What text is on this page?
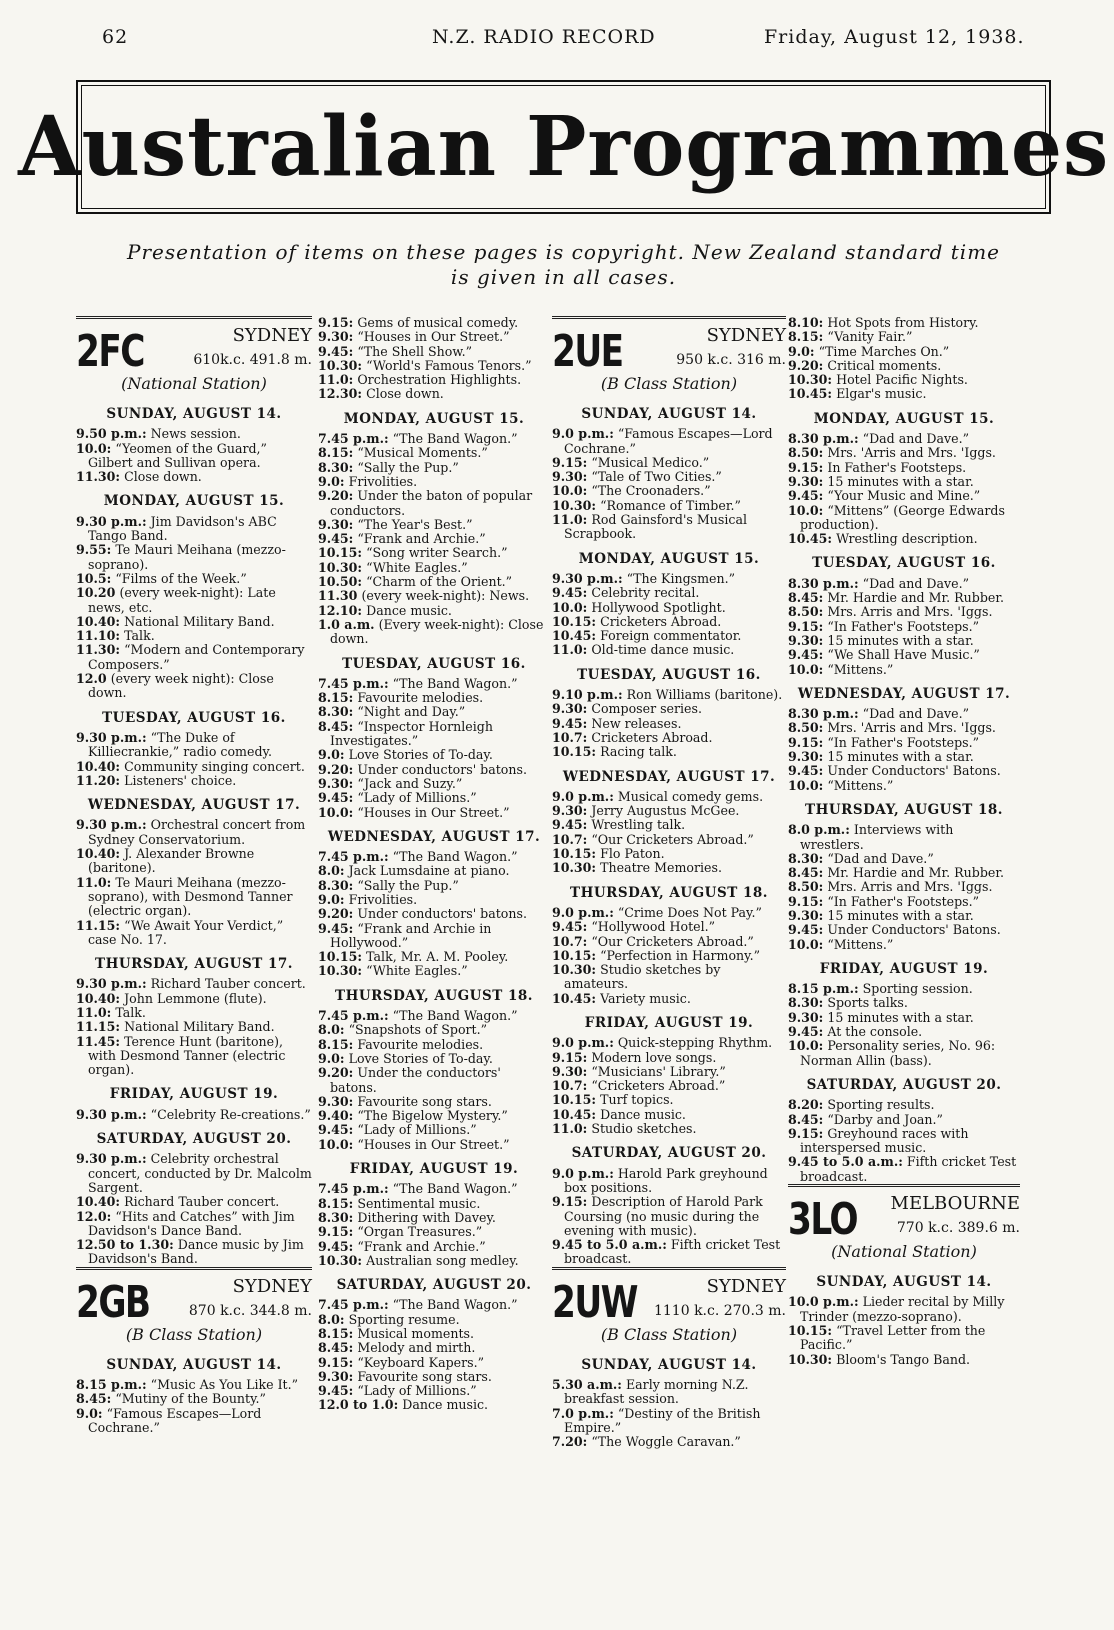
62	N.Z. RADIO RECORD	Friday, August 12, 1938.
Australian Programmes
Presentation of items on these pages is copyright. New Zealand standard time
is given in all cases.
2FC	SYDNEY
610k.c. 491.8 m.
(National Station)
SUNDAY, AUGUST 14.

9.50 p.m.: News session.

10.0: “Yeomen of the Guard,” Gilbert and Sullivan opera.

11.30: Close down.

MONDAY, AUGUST 15.

9.30 p.m.: Jim Davidson's ABC Tango Band.

9.55: Te Mauri Meihana (mezzo-soprano).

10.5: “Films of the Week.”

10.20 (every week-night): Late news, etc.

10.40: National Military Band.

11.10: Talk.

11.30: “Modern and Contemporary Composers.”

12.0 (every week night): Close down.

TUESDAY, AUGUST 16.

9.30 p.m.: “The Duke of Killiecrankie,” radio comedy.

10.40: Community singing concert.

11.20: Listeners' choice.

WEDNESDAY, AUGUST 17.

9.30 p.m.: Orchestral concert from Sydney Conservatorium.

10.40: J. Alexander Browne (baritone).

11.0: Te Mauri Meihana (mezzo-soprano), with Desmond Tanner (electric organ).

11.15: “We Await Your Verdict,” case No. 17.

THURSDAY, AUGUST 17.

9.30 p.m.: Richard Tauber concert.

10.40: John Lemmone (flute).

11.0: Talk.

11.15: National Military Band.

11.45: Terence Hunt (baritone), with Desmond Tanner (electric organ).

FRIDAY, AUGUST 19.

9.30 p.m.: “Celebrity Re-creations.”

SATURDAY, AUGUST 20.

9.30 p.m.: Celebrity orchestral concert, conducted by Dr. Malcolm Sargent.

10.40: Richard Tauber concert.

12.0: “Hits and Catches” with Jim Davidson's Dance Band.

12.50 to 1.30: Dance music by Jim Davidson's Band.

2GB	SYDNEY
870 k.c. 344.8 m.
(B Class Station)
SUNDAY, AUGUST 14.

8.15 p.m.: “Music As You Like It.”

8.45: “Mutiny of the Bounty.”

9.0: “Famous Escapes—Lord Cochrane.”

9.15: Gems of musical comedy.

9.30: “Houses in Our Street.”

9.45: “The Shell Show.”

10.30: “World's Famous Tenors.”

11.0: Orchestration Highlights.

12.30: Close down.

MONDAY, AUGUST 15.

7.45 p.m.: “The Band Wagon.”

8.15: “Musical Moments.”

8.30: “Sally the Pup.”

9.0: Frivolities.

9.20: Under the baton of popular conductors.

9.30: “The Year's Best.”

9.45: “Frank and Archie.”

10.15: “Song writer Search.”

10.30: “White Eagles.”

10.50: “Charm of the Orient.”

11.30 (every week-night): News.

12.10: Dance music.

1.0 a.m. (Every week-night): Close down.

TUESDAY, AUGUST 16.

7.45 p.m.: “The Band Wagon.”

8.15: Favourite melodies.

8.30: “Night and Day.”

8.45: “Inspector Hornleigh Investigates.”

9.0: Love Stories of To-day.

9.20: Under conductors' batons.

9.30: “Jack and Suzy.”

9.45: “Lady of Millions.”

10.0: “Houses in Our Street.”

WEDNESDAY, AUGUST 17.

7.45 p.m.: “The Band Wagon.”

8.0: Jack Lumsdaine at piano.

8.30: “Sally the Pup.”

9.0: Frivolities.

9.20: Under conductors' batons.

9.45: “Frank and Archie in Hollywood.”

10.15: Talk, Mr. A. M. Pooley.

10.30: “White Eagles.”

THURSDAY, AUGUST 18.

7.45 p.m.: “The Band Wagon.”

8.0: “Snapshots of Sport.”

8.15: Favourite melodies.

9.0: Love Stories of To-day.

9.20: Under the conductors' batons.

9.30: Favourite song stars.

9.40: “The Bigelow Mystery.”

9.45: “Lady of Millions.”

10.0: “Houses in Our Street.”

FRIDAY, AUGUST 19.

7.45 p.m.: “The Band Wagon.”

8.15: Sentimental music.

8.30: Dithering with Davey.

9.15: “Organ Treasures.”

9.45: “Frank and Archie.”

10.30: Australian song medley.

SATURDAY, AUGUST 20.

7.45 p.m.: “The Band Wagon.”

8.0: Sporting resume.

8.15: Musical moments.

8.45: Melody and mirth.

9.15: “Keyboard Kapers.”

9.30: Favourite song stars.

9.45: “Lady of Millions.”

12.0 to 1.0: Dance music.

2UE	SYDNEY
950 k.c. 316 m.
(B Class Station)
SUNDAY, AUGUST 14.

9.0 p.m.: “Famous Escapes—Lord Cochrane.”

9.15: “Musical Medico.”

9.30: “Tale of Two Cities.”

10.0: “The Croonaders.”

10.30: “Romance of Timber.”

11.0: Rod Gainsford's Musical Scrapbook.

MONDAY, AUGUST 15.

9.30 p.m.: “The Kingsmen.”

9.45: Celebrity recital.

10.0: Hollywood Spotlight.

10.15: Cricketers Abroad.

10.45: Foreign commentator.

11.0: Old-time dance music.

TUESDAY, AUGUST 16.

9.10 p.m.: Ron Williams (baritone).

9.30: Composer series.

9.45: New releases.

10.7: Cricketers Abroad.

10.15: Racing talk.

WEDNESDAY, AUGUST 17.

9.0 p.m.: Musical comedy gems.

9.30: Jerry Augustus McGee.

9.45: Wrestling talk.

10.7: “Our Cricketers Abroad.”

10.15: Flo Paton.

10.30: Theatre Memories.

THURSDAY, AUGUST 18.

9.0 p.m.: “Crime Does Not Pay.”

9.45: “Hollywood Hotel.”

10.7: “Our Cricketers Abroad.”

10.15: “Perfection in Harmony.”

10.30: Studio sketches by amateurs.

10.45: Variety music.

FRIDAY, AUGUST 19.

9.0 p.m.: Quick-stepping Rhythm.

9.15: Modern love songs.

9.30: “Musicians' Library.”

10.7: “Cricketers Abroad.”

10.15: Turf topics.

10.45: Dance music.

11.0: Studio sketches.

SATURDAY, AUGUST 20.

9.0 p.m.: Harold Park greyhound box positions.

9.15: Description of Harold Park Coursing (no music during the evening with music).

9.45 to 5.0 a.m.: Fifth cricket Test broadcast.

2UW	SYDNEY
1110 k.c. 270.3 m.
(B Class Station)
SUNDAY, AUGUST 14.

5.30 a.m.: Early morning N.Z. breakfast session.

7.0 p.m.: “Destiny of the British Empire.”

7.20: “The Woggle Caravan.”

8.10: Hot Spots from History.

8.15: “Vanity Fair.”

9.0: “Time Marches On.”

9.20: Critical moments.

10.30: Hotel Pacific Nights.

10.45: Elgar's music.

MONDAY, AUGUST 15.

8.30 p.m.: “Dad and Dave.”

8.50: Mrs. 'Arris and Mrs. 'Iggs.

9.15: In Father's Footsteps.

9.30: 15 minutes with a star.

9.45: “Your Music and Mine.”

10.0: “Mittens” (George Edwards production).

10.45: Wrestling description.

TUESDAY, AUGUST 16.

8.30 p.m.: “Dad and Dave.”

8.45: Mr. Hardie and Mr. Rubber.

8.50: Mrs. Arris and Mrs. 'Iggs.

9.15: “In Father's Footsteps.”

9.30: 15 minutes with a star.

9.45: “We Shall Have Music.”

10.0: “Mittens.”

WEDNESDAY, AUGUST 17.

8.30 p.m.: “Dad and Dave.”

8.50: Mrs. 'Arris and Mrs. 'Iggs.

9.15: “In Father's Footsteps.”

9.30: 15 minutes with a star.

9.45: Under Conductors' Batons.

10.0: “Mittens.”

THURSDAY, AUGUST 18.

8.0 p.m.: Interviews with wrestlers.

8.30: “Dad and Dave.”

8.45: Mr. Hardie and Mr. Rubber.

8.50: Mrs. Arris and Mrs. 'Iggs.

9.15: “In Father's Footsteps.”

9.30: 15 minutes with a star.

9.45: Under Conductors' Batons.

10.0: “Mittens.”

FRIDAY, AUGUST 19.

8.15 p.m.: Sporting session.

8.30: Sports talks.

9.30: 15 minutes with a star.

9.45: At the console.

10.0: Personality series, No. 96: Norman Allin (bass).

SATURDAY, AUGUST 20.

8.20: Sporting results.

8.45: “Darby and Joan.”

9.15: Greyhound races with interspersed music.

9.45 to 5.0 a.m.: Fifth cricket Test broadcast.

3LO MELBOURNE
770 k.c. 389.6 m.
(National Station)
SUNDAY, AUGUST 14.

10.0 p.m.: Lieder recital by Milly Trinder (mezzo-soprano).

10.15: “Travel Letter from the Pacific.”

10.30: Bloom's Tango Band.
